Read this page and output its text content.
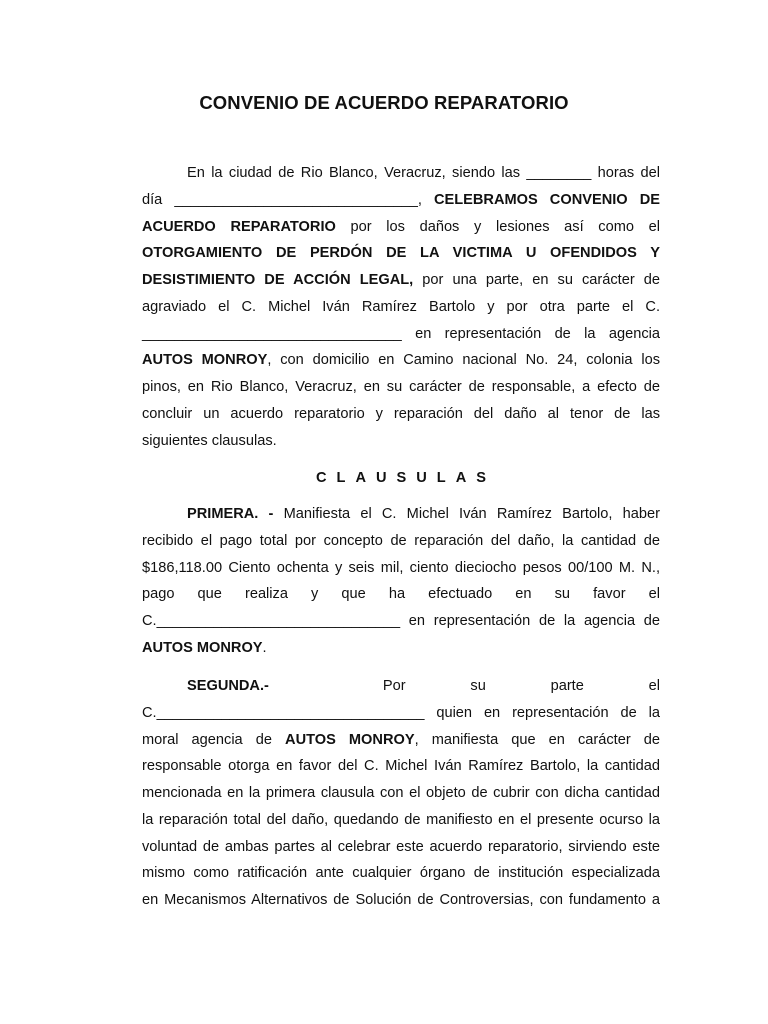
CONVENIO DE ACUERDO REPARATORIO
En la ciudad de Rio Blanco, Veracruz, siendo las ________ horas del
día ______________________________, CELEBRAMOS CONVENIO DE
ACUERDO REPARATORIO por los daños y lesiones así como el
OTORGAMIENTO DE PERDÓN DE LA VICTIMA U OFENDIDOS Y
DESISTIMIENTO DE ACCIÓN LEGAL, por una parte, en su carácter de
agraviado el C. Michel Iván Ramírez Bartolo y por otra parte el C.
________________________________ en representación de la agencia
AUTOS MONROY, con domicilio en Camino nacional No. 24, colonia los
pinos, en Rio Blanco, Veracruz, en su carácter de responsable, a efecto de
concluir un acuerdo reparatorio y reparación del daño al tenor de las
siguientes clausulas.

CLAUSULAS

PRIMERA. - Manifiesta el C. Michel Iván Ramírez Bartolo, haber
recibido el pago total por concepto de reparación del daño, la cantidad de
$186,118.00 Ciento ochenta y seis mil, ciento dieciocho pesos 00/100 M. N.,
pago que realiza y que ha efectuado en su favor el
C.______________________________ en representación de la agencia de
AUTOS MONROY.
SEGUNDA.-	Por	su	parte	el
C._________________________________ quien en representación de la
moral agencia de AUTOS MONROY, manifiesta que en carácter de
responsable otorga en favor del C. Michel Iván Ramírez Bartolo, la cantidad
mencionada en la primera clausula con el objeto de cubrir con dicha cantidad
la reparación total del daño, quedando de manifiesto en el presente ocurso la
voluntad de ambas partes al celebrar este acuerdo reparatorio, sirviendo este
mismo como ratificación ante cualquier órgano de institución especializada
en Mecanismos Alternativos de Solución de Controversias, con fundamento a
